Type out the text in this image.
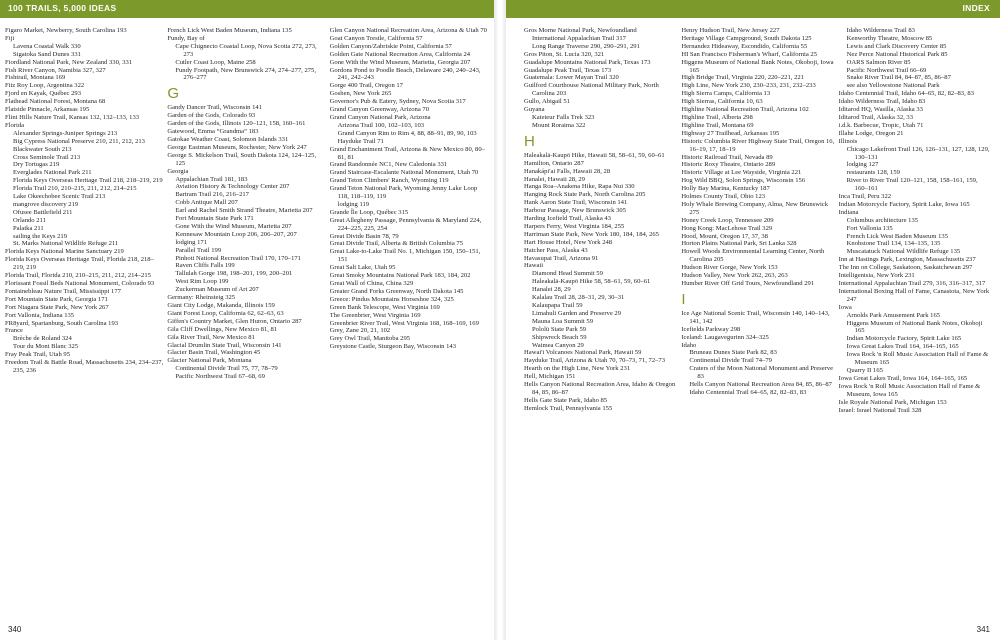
100 TRAILS, 5,000 IDEAS
Figaro Market, Newberry, South Carolina 193
Fiji
Lavena Coastal Walk 330
Sigatoka Sand Dunes 331
Fiordland National Park, New Zealand 330, 331
Fish River Canyon, Namibia 327, 327
Fishtrail, Montana 169
Fitz Roy Loop, Argentina 322
Fjord en Kayak, Québec 293
Flathead National Forest, Montana 68
Flatside Pinnacle, Arkansas 195
Flint Hills Nature Trail, Kansas 132, 132–133, 133
Florida
Alexander Springs-Juniper Springs 213
Big Cypress National Preserve 210, 211, 212, 213
Blackwater South 213
Cross Seminole Trail 213
Dry Tortugas 219
Everglades National Park 211
Florida Keys Overseas Heritage Trail 218, 218–219, 219
Florida Trail 210, 210–215, 211, 212, 214–215
Lake Okeechobee Scenic Trail 213
mangrove discovery 219
Ofusee Battlefield 211
Orlando 211
Palatka 211
sailing the Keys 219
St. Marks National Wildlife Refuge 211
Florida Keys National Marine Sanctuary 219
Florida Keys Overseas Heritage Trail, Florida 218, 218–219, 219
Florida Trail, Florida 210, 210–215, 211, 212, 214–215
Florissant Fossil Beds National Monument, Colorado 93
Fontainebleau Nature Trail, Mississippi 177
Fort Mountain State Park, Georgia 171
Fort Niagara State Park, New York 267
Fort Vallonia, Indiana 135
FR8yard, Spartanburg, South Carolina 193
France
Brèche de Roland 324
Tour du Mont Blanc 325
Fray Peak Trail, Utah 95
Freedom Trail & Battle Road, Massachusetts 234, 234–237, 235, 236
French Lick West Baden Museum, Indiana 135
Fundy, Bay of
Cape Chignecto Coastal Loop, Nova Scotia 272, 273, 273
Cutler Coast Loop, Maine 258
Fundy Footpath, New Brunswick 274, 274–277, 275, 276–277
G
Gandy Dancer Trail, Wisconsin 141
Garden of the Gods, Colorado 93
Garden of the Gods, Illinois 120–121, 158, 160–161
Gatewood, Emma “Grandma” 183
Gatokae Weather Coast, Solomon Islands 331
George Eastman Museum, Rochester, New York 247
George S. Mickelson Trail, South Dakota 124, 124–125, 125
Georgia
Appalachian Trail 181, 183
Aviation History & Technology Center 207
Bartram Trail 216, 216–217
Cobb Antique Mall 207
Earl and Rachel Smith Strand Theatre, Marietta 207
Fort Mountain State Park 171
Gone With the Wind Museum, Marietta 207
Kennesaw Mountain Loop 206, 206–207, 207
lodging 171
Parallel Trail 199
Pinhoti National Recreation Trail 170, 170–171
Raven Cliffs Falls 199
Tallulah Gorge 198, 198–201, 199, 200–201
West Rim Loop 199
Zuckerman Museum of Art 207
Germany: Rheinsteig 325
Giant City Lodge, Makanda, Illinois 159
Giant Forest Loop, California 62, 62–63, 63
Giffen's Country Market, Glen Huron, Ontario 287
Gila Cliff Dwellings, New Mexico 81, 81
Gila River Trail, New Mexico 81
Glacial Drumlin State Trail, Wisconsin 141
Glacier Basin Trail, Washington 45
Glacier National Park, Montana
Continental Divide Trail 75, 77, 78–79
Pacific Northwest Trail 67–68, 69
Glen Canyon National Recreation Area, Arizona & Utah 70
Goat Canyon Trestle, California 57
Golden Canyon/Zabriskie Point, California 57
Golden Gate National Recreation Area, California 24
Gone With the Wind Museum, Marietta, Georgia 207
Gordons Pond to Poodle Beach, Delaware 240, 240–243, 241, 242–243
Gorge 400 Trail, Oregon 17
Goshen, New York 265
Governor's Pub & Eatery, Sydney, Nova Scotia 317
Grand Canyon Greenway, Arizona 70
Grand Canyon National Park, Arizona
Arizona Trail 100, 102–103, 103
Grand Canyon Rim to Rim 4, 88, 88–91, 89, 90, 103
Hayduke Trail 71
Grand Enchantment Trail, Arizona & New Mexico 80, 80–81, 81
Grand Randonnée NC1, New Caledonia 331
Grand Staircase-Escalante National Monument, Utah 70
Grand Teton Climbers' Ranch, Wyoming 119
Grand Teton National Park, Wyoming Jenny Lake Loop 118, 118–119, 119
lodging 119
Grande Île Loop, Québec 315
Great Allegheny Passage, Pennsylvania & Maryland 224, 224–225, 225, 254
Great Divide Basin 78, 79
Great Divide Trail, Alberta & British Columbia 75
Great Lake-to-Lake Trail No. 1, Michigan 150, 150–151, 151
Great Salt Lake, Utah 95
Great Smoky Mountains National Park 183, 184, 202
Great Wall of China, China 329
Greater Grand Forks Greenway, North Dakota 145
Greece: Pindus Mountains Horseshoe 324, 325
Green Bank Telescope, West Virginia 169
The Greenbrier, West Virginia 169
Greenbrier River Trail, West Virginia 168, 168–169, 169
Grey, Zane 20, 21, 102
Grey Owl Trail, Manitoba 295
Greystone Castle, Sturgeon Bay, Wisconsin 143
340
INDEX
Gros Morne National Park, Newfoundland
International Appalachian Trail 317
Long Range Traverse 290, 290–291, 291
Gros Piton, St. Lucia 320, 321
Guadalupe Mountains National Park, Texas 173
Guadalupe Peak Trail, Texas 173
Guatemala: Lower Mayan Trail 320
Guilford Courthouse National Military Park, North Carolina 203
Gullo, Abigail 51
Guyana
Kaieteur Falls Trek 323
Mount Roraima 322
H
Haleakalā-Kaupō Hike, Hawaii 58, 58–61, 59, 60–61
Hamilton, Ontario 287
Hanakápi'ai Falls, Hawaii 28, 28
Hanalei, Hawaii 28, 29
Hanga Roa–Anakena Hike, Rapa Nui 330
Hanging Rock State Park, North Carolina 205
Hank Aaron State Trail, Wisconsin 141
Harbour Passage, New Brunswick 305
Harding Icefield Trail, Alaska 43
Harpers Ferry, West Virginia 184, 255
Harriman State Park, New York 180, 184, 184, 265
Hart House Hotel, New York 248
Hatcher Pass, Alaska 43
Havasupai Trail, Arizona 91
Hawaii
Diamond Head Summit 59
Haleakalā-Kaupō Hike 58, 58–61, 59, 60–61
Hanalei 28, 29
Kalalau Trail 28, 28–31, 29, 30–31
Kalaupapa Trail 59
Limahuli Garden and Preserve 29
Mauna Loa Summit 59
Pololū State Park 59
Shipwreck Beach 59
Waimea Canyon 29
Hawai'i Volcanoes National Park, Hawaii 59
Hayduke Trail, Arizona & Utah 70, 70–73, 71, 72–73
Hearth on the High Line, New York 231
Hell, Michigan 151
Hells Canyon National Recreation Area, Idaho & Oregon 84, 85, 86–87
Hells Gate State Park, Idaho 85
Hemlock Trail, Pennsylvania 155
Henry Hudson Trail, New Jersey 227
Heritage Village Campground, South Dakota 125
Hernandez Hideaway, Escondido, California 55
HI San Francisco Fisherman's Wharf, California 25
Higgens Museum of National Bank Notes, Okoboji, Iowa 165
High Bridge Trail, Virginia 220, 220–221, 221
High Line, New York 230, 230–233, 231, 232–233
High Sierra Camps, California 13
High Sierras, California 10, 63
Highline National Recreation Trail, Arizona 102
Highline Trail, Alberta 298
Highline Trail, Montana 69
Highway 27 Trailhead, Arkansas 195
Historic Columbia River Highway State Trail, Oregon 16, 16–19, 17, 18–19
Historic Railroad Trail, Nevada 89
Historic Roxy Theatre, Ontario 289
Historic Village at Lee Wayside, Virginia 221
Hog Wild BBQ, Solon Springs, Wisconsin 156
Holly Bay Marina, Kentucky 187
Holmes County Trail, Ohio 123
Holy Whale Brewing Company, Alma, New Brunswick 275
Honey Creek Loop, Tennessee 209
Hong Kong: MacLehose Trail 329
Hood, Mount, Oregon 17, 37, 38
Horton Plains National Park, Sri Lanka 328
Howell Woods Environmental Learning Center, North Carolina 205
Hudson River Gorge, New York 153
Hudson Valley, New York 262, 263, 263
Humber River Off Grid Tours, Newfoundland 291
I
Ice Age National Scenic Trail, Wisconsin 140, 140–143, 141, 142
Icefields Parkway 298
Iceland: Laugavegurinn 324–325
Idaho
Bruneau Dunes State Park 82, 83
Continental Divide Trail 74–79
Craters of the Moon National Monument and Preserve 83
Hells Canyon National Recreation Area 84, 85, 86–87
Idaho Centennial Trail 64–65, 82, 82–83, 83
Idaho Wilderness Trail 83
Kenworthy Theatre, Moscow 85
Lewis and Clark Discovery Center 85
Nez Perce National Historical Park 85
OARS Salmon River 85
Pacific Northwest Trail 66–69
Snake River Trail 84, 84–87, 85, 86–87
see also Yellowstone National Park
Idaho Centennial Trail, Idaho 64–65, 82, 82–83, 83
Idaho Wilderness Trail, Idaho 83
Iditarod HQ, Wasilla, Alaska 33
Iditarod Trail, Alaska 32, 33
i.d.k. Barbecue, Tropic, Utah 71
Illahe Lodge, Oregon 21
Illinois
Chicago Lakefront Trail 126, 126–131, 127, 128, 129, 130–131
lodging 127
restaurants 128, 159
River to River Trail 120–121, 158, 158–161, 159, 160–161
Inca Trail, Peru 322
Indian Motorcycle Factory, Spirit Lake, Iowa 165
Indiana
Columbus architecture 135
Fort Vallonia 135
French Lick West Baden Museum 135
Knobstone Trail 134, 134–135, 135
Muscatatuck National Wildlife Refuge 135
Inn at Hastings Park, Lexington, Massachusetts 237
The Inn on College, Saskatoon, Saskatchewan 297
Intelligentsia, New York 231
International Appalachian Trail 279, 316, 316–317, 317
International Boxing Hall of Fame, Canastota, New York 247
Iowa
Arnolds Park Amusement Park 165
Higgens Museum of National Bank Notes, Okoboji 165
Indian Motorcycle Factory, Spirit Lake 165
Iowa Great Lakes Trail 164, 164–165, 165
Iowa Rock 'n Roll Music Association Hall of Fame & Museum 165
Quarry II 165
Iowa Great Lakes Trail, Iowa 164, 164–165, 165
Iowa Rock 'n Roll Music Association Hall of Fame & Museum, Iowa 165
Isle Royale National Park, Michigan 153
Israel: Israel National Trail 328
341
